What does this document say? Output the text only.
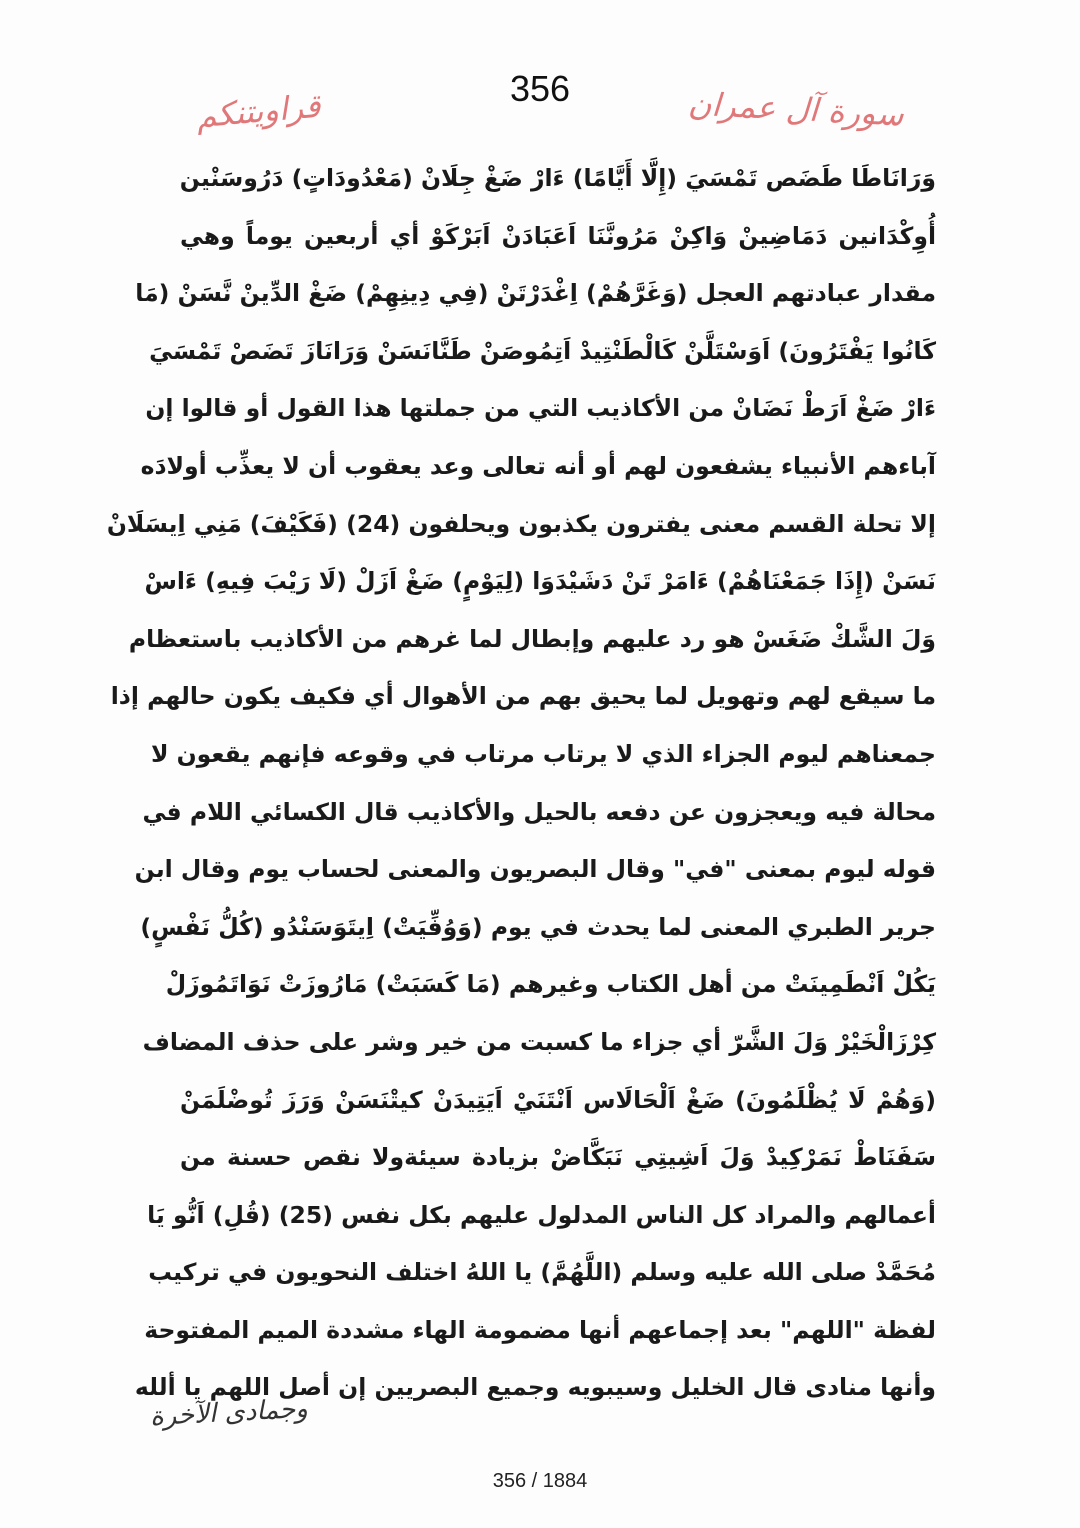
356
قراويتنكم	سورة آل عمران
وَرَانَاطَا طَضَص تَمْسَيَ (إِلَّا أَيَّامًا) ءَارْ ضَغْ جِلَانْ (مَعْدُودَاتٍ) دَرُوسَنْين
أُوِكْدَانين دَمَاضِينْ وَاكِنْ مَرُونَّنَا اَعَبَادَنْ اَبَرْكَوْ أي أربعين يوماً وهي
مقدار عبادتهم العجل (وَغَرَّهُمْ) اِغْدَرْتَنْ (فِي دِينِهِمْ) ضَغْ الدِّينْ نَّسَنْ (مَا
كَانُوا يَفْتَرُونَ) اَوَسْتَلَّنْ كَالْطَنْتِيدْ اَتِمُوصَنْ طَنَّانَسَنْ وَرَانَازَ تَضَصْ تَمْسَيَ
ءَارْ ضَغْ اَرَطْ نَضَانْ من الأكاذيب التي من جملتها هذا القول أو قالوا إن
آباءهم الأنبياء يشفعون لهم أو أنه تعالى وعد يعقوب أن لا يعذِّب أولادَه
إلا تحلة القسم معنى يفترون يكذبون ويحلفون (24) (فَكَيْفَ) مَنِي اِيسَلَانْ
نَسَنْ (إِذَا جَمَعْنَاهُمْ) ءَامَرْ تَنْ دَشَيْدَوَا (لِيَوْمٍ) ضَغْ اَزَلْ (لَا رَيْبَ فِيهِ) ءَاسْ
وَلَ الشَّكْ ضَغَسْ هو رد عليهم وإبطال لما غرهم من الأكاذيب باستعظام
ما سيقع لهم وتهويل لما يحيق بهم من الأهوال أي فكيف يكون حالهم إذا
جمعناهم ليوم الجزاء الذي لا يرتاب مرتاب في وقوعه فإنهم يقعون لا
محالة فيه ويعجزون عن دفعه بالحيل والأكاذيب قال الكسائي اللام في
قوله ليوم بمعنى "في" وقال البصريون والمعنى لحساب يوم وقال ابن
جرير الطبري المعنى لما يحدث في يوم (وَوُفِّيَتْ) اِيتَوَسَنْدُو (كُلُّ نَفْسٍ)
يَكُلْ اَنْطَمِينَتْ من أهل الكتاب وغيرهم (مَا كَسَبَتْ) مَارُوزَتْ نَوَاتَمُوزَلْ
كِرْزَالْخَيْرْ وَلَ الشَّرّ أي جزاء ما كسبت من خير وشر على حذف المضاف
(وَهُمْ لَا يُظْلَمُونَ) ضَغْ اَلْحَالَاس اَنْتَنَيْ اَيَتِيدَنْ كيتْنَسَنْ وَرَزَ تُوضْلَمَنْ
سَفَنَاطْ نَمَرْكِيدْ وَلَ اَشِيتِي نَبَكَّاضْ بزيادة سيئةولا نقص حسنة من
أعمالهم والمراد كل الناس المدلول عليهم بكل نفس (25) (قُلِ) اَنُّو يَا
مُحَمَّدْ صلى الله عليه وسلم (اللَّهُمَّ) يا اللهُ اختلف النحويون في تركيب
لفظة "اللهم" بعد إجماعهم أنها مضمومة الهاء مشددة الميم المفتوحة
وأنها منادى قال الخليل وسيبويه وجميع البصريين إن أصل اللهم يا ألله
وجمادى الآخرة
356 / 1884
